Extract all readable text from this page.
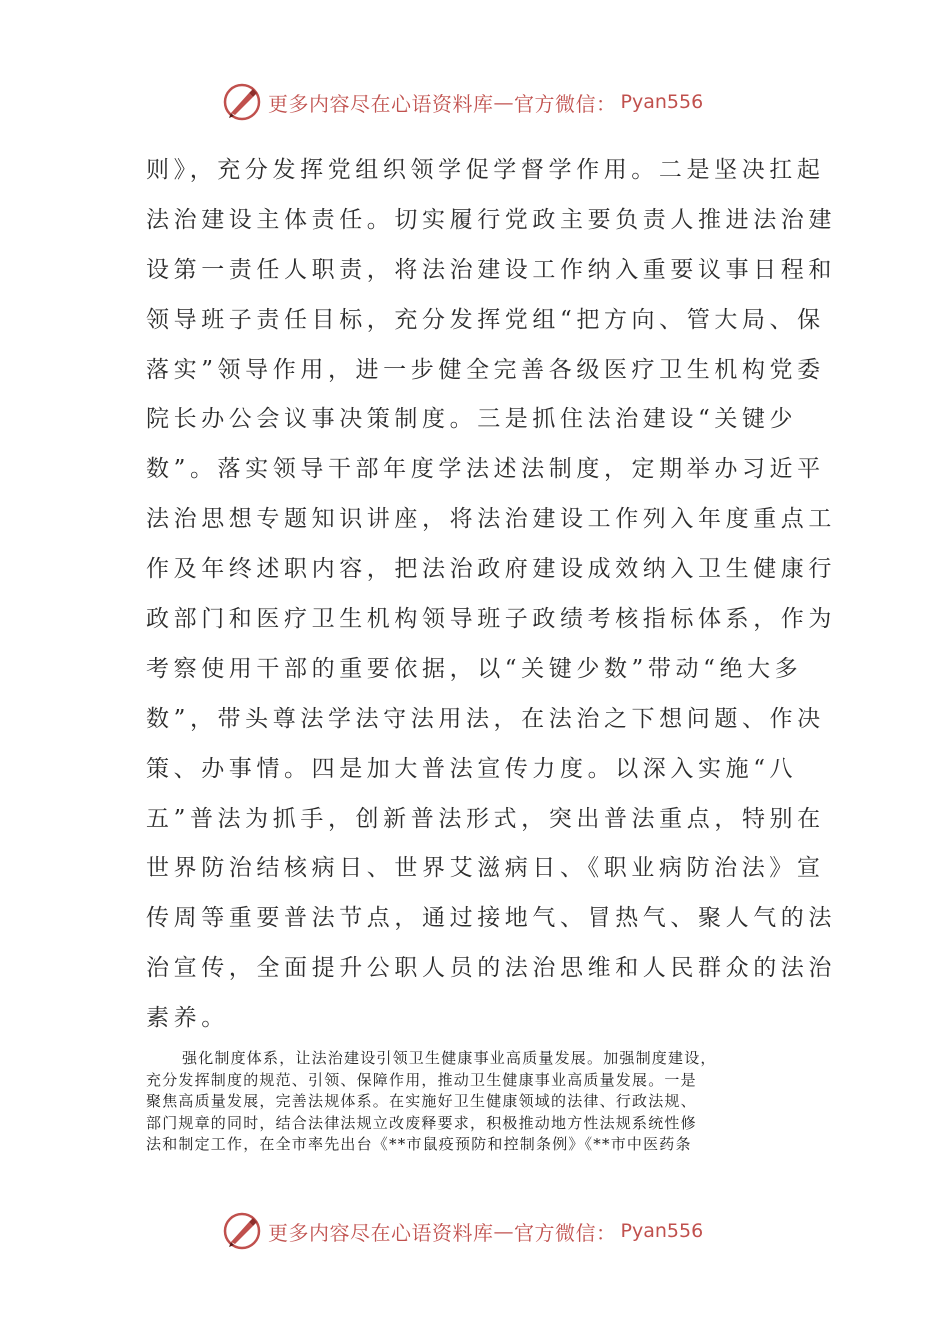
更多内容尽在心语资料库 — 官方微信： Pyan556
则》，充分发挥党组织领学促学督学作用。二是坚决扛起
法治建设主体责任。切实履行党政主要负责人推进法治建
设第一责任人职责，将法治建设工作纳入重要议事日程和
领导班子责任目标，充分发挥党组“把方向、管大局、保
落实”领导作用，进一步健全完善各级医疗卫生机构党委
院长办公会议事决策制度。三是抓住法治建设“关键少
数”。落实领导干部年度学法述法制度，定期举办习近平
法治思想专题知识讲座，将法治建设工作列入年度重点工
作及年终述职内容，把法治政府建设成效纳入卫生健康行
政部门和医疗卫生机构领导班子政绩考核指标体系，作为
考察使用干部的重要依据，以“关键少数”带动“绝大多
数”，带头尊法学法守法用法，在法治之下想问题、作决
策、办事情。四是加大普法宣传力度。以深入实施“八
五”普法为抓手，创新普法形式，突出普法重点，特别在
世界防治结核病日、世界艾滋病日、《职业病防治法》宣
传周等重要普法节点，通过接地气、冒热气、聚人气的法
治宣传，全面提升公职人员的法治思维和人民群众的法治
素养。
强化制度体系，让法治建设引领卫生健康事业高质量发展。加强制度建设，
充分发挥制度的规范、引领、保障作用，推动卫生健康事业高质量发展。一是
聚焦高质量发展，完善法规体系。在实施好卫生健康领域的法律、行政法规、
部门规章的同时，结合法律法规立改废释要求，积极推动地方性法规系统性修
法和制定工作，在全市率先出台《**市鼠疫预防和控制条例》《**市中医药条
更多内容尽在心语资料库 — 官方微信： Pyan556
